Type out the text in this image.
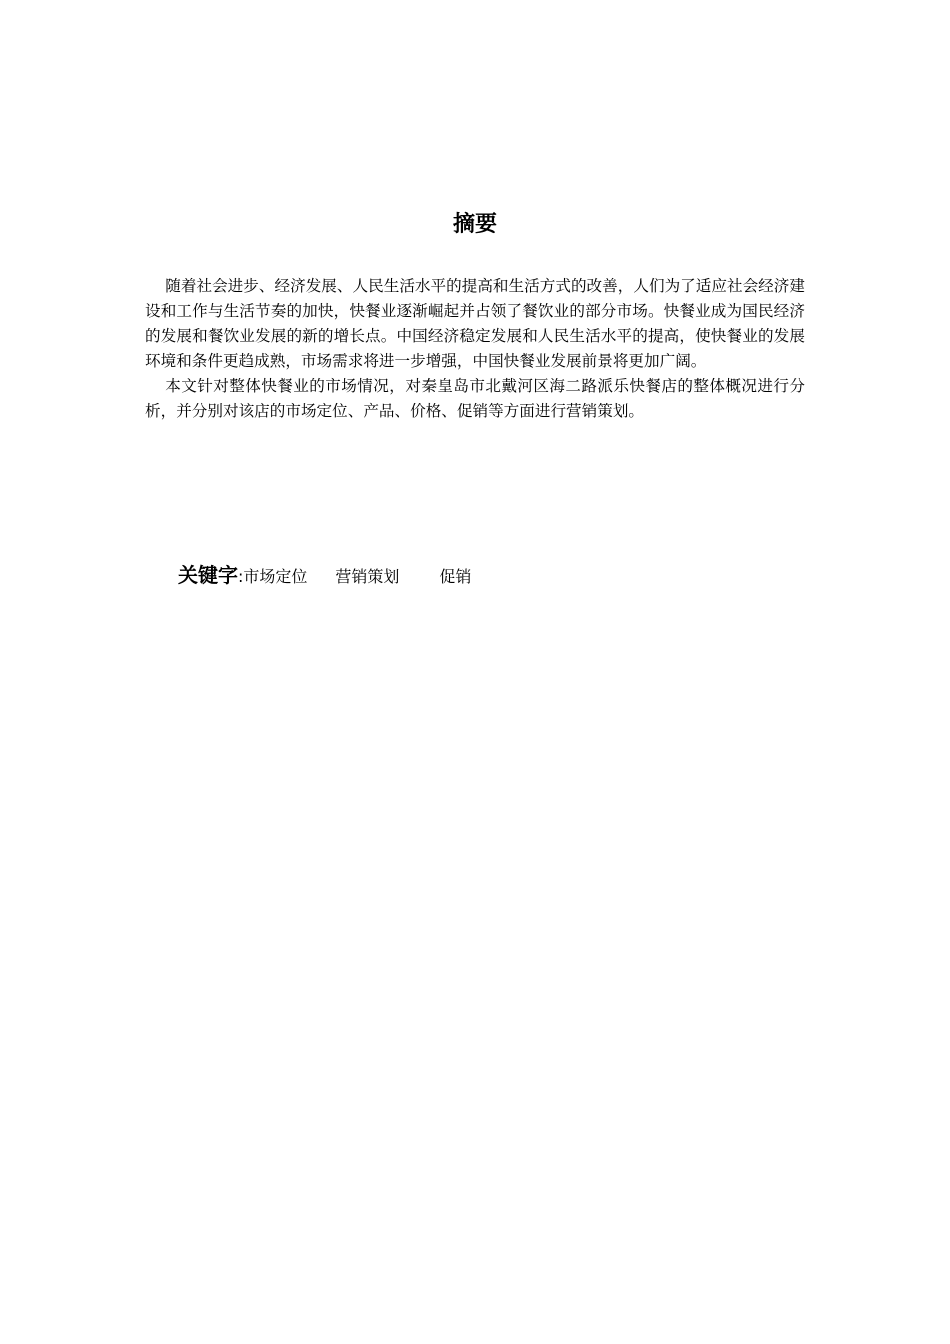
摘要

随着社会进步、经济发展、人民生活水平的提高和生活方式的改善，人们为了适应社会经济建设和工作与生活节奏的加快，快餐业逐渐崛起并占领了餐饮业的部分市场。快餐业成为国民经济的发展和餐饮业发展的新的增长点。中国经济稳定发展和人民生活水平的提高，使快餐业的发展环境和条件更趋成熟，市场需求将进一步增强，中国快餐业发展前景将更加广阔。

本文针对整体快餐业的市场情况，对秦皇岛市北戴河区海二路派乐快餐店的整体概况进行分析，并分别对该店的市场定位、产品、价格、促销等方面进行营销策划。

关键字:市场定位 营销策划	促销
